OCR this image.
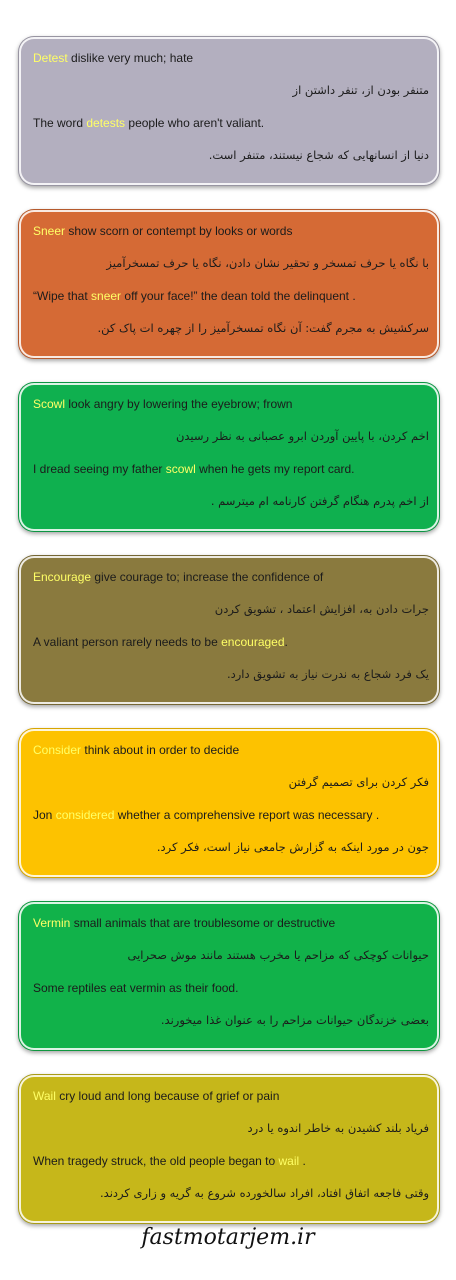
Detest dislike very much; hate
متنفر بودن از، تنفر داشتن از
The word detests people who aren't valiant.
دنیا از انسانهایی که شجاع نیستند، متنفر است.
Sneer show scorn or contempt by looks or words
با نگاه یا حرف تمسخر و تحقیر نشان دادن، نگاه یا حرف تمسخرآمیز
“Wipe that sneer off your face!” the dean told the delinquent .
سرکشیش به مجرم گفت: آن نگاه تمسخرآمیز را از چهره ات پاک کن.
Scowl look angry by lowering the eyebrow; frown
اخم کردن، با پایین آوردن ابرو عصبانی به نظر رسیدن
I dread seeing my father scowl when he gets my report card.
از اخم پدرم هنگام گرفتن کارنامه ام میترسم .
Encourage give courage to; increase the confidence of
جرات دادن به، افزایش اعتماد ، تشویق کردن
A valiant person rarely needs to be encouraged.
یک فرد شجاع به ندرت نیاز به تشویق دارد.
Consider think about in order to decide
فکر کردن برای تصمیم گرفتن
Jon considered whether a comprehensive report was necessary .
جون در مورد اینکه به گزارش جامعی نیاز است، فکر کرد.
Vermin small animals that are troublesome or destructive
حیوانات کوچکی که مزاحم یا مخرب هستند مانند موش صحرایی
Some reptiles eat vermin as their food.
بعضی خزندگان حیوانات مزاحم را به عنوان غذا میخورند.
Wail cry loud and long because of grief or pain
فریاد بلند کشیدن به خاطر اندوه یا درد
When tragedy struck, the old people began to wail .
وقتی فاجعه اتفاق افتاد، افراد سالخورده شروع به گریه و زاری کردند.
fastmotarjem.ir
